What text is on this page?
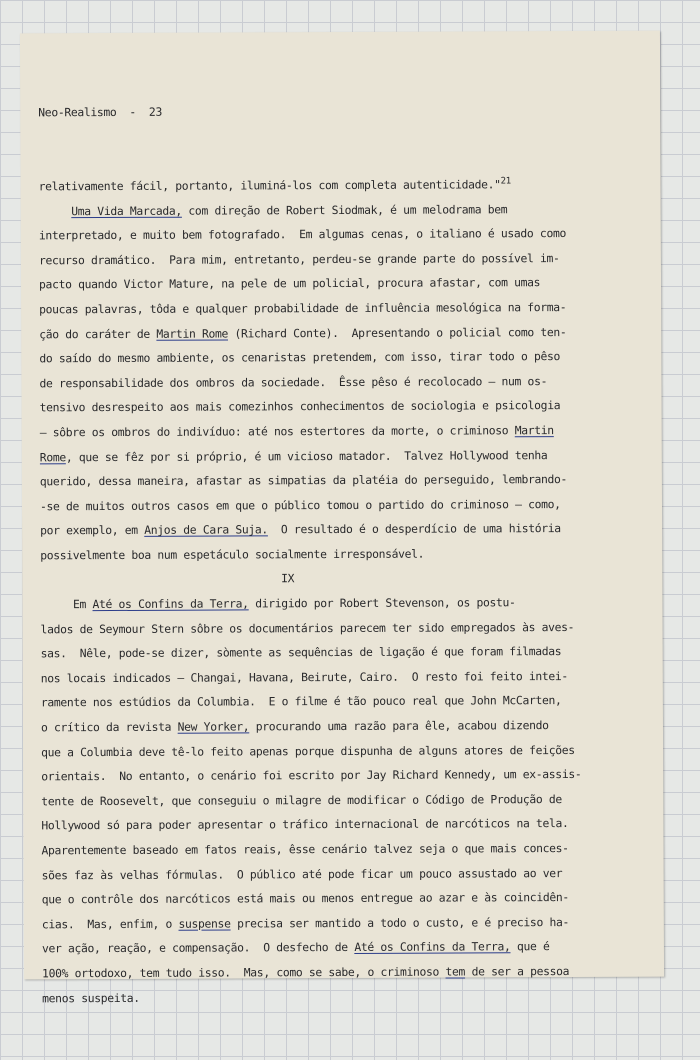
Neo-Realismo  -  23

relativamente fácil, portanto, iluminá-los com completa autenticidade."$^{21}$
Uma Vida Marcada, com direção de Robert Siodmak, é um melodrama bem
interpretado, e muito bem fotografado.  Em algumas cenas, o italiano é usado como
recurso dramático.  Para mim, entretanto, perdeu-se grande parte do possível im-
pacto quando Victor Mature, na pele de um policial, procura afastar, com umas
poucas palavras, tôda e qualquer probabilidade de influência mesológica na forma-
ção do caráter de Martin Rome (Richard Conte).  Apresentando o policial como ten-
do saído do mesmo ambiente, os cenaristas pretendem, com isso, tirar todo o pêso
de responsabilidade dos ombros da sociedade.  Êsse pêso é recolocado — num os-
tensivo desrespeito aos mais comezinhos conhecimentos de sociologia e psicologia
— sôbre os ombros do indivíduo: até nos estertores da morte, o criminoso Martin
Rome, que se fêz por si próprio, é um vicioso matador.  Talvez Hollywood tenha
querido, dessa maneira, afastar as simpatias da platéia do perseguido, lembrando-
-se de muitos outros casos em que o público tomou o partido do criminoso — como,
por exemplo, em Anjos de Cara Suja.  O resultado é o desperdício de uma história
possivelmente boa num espetáculo socialmente irresponsável.
IX
Em Até os Confins da Terra, dirigido por Robert Stevenson, os postu-
lados de Seymour Stern sôbre os documentários parecem ter sido empregados às aves-
sas.  Nêle, pode-se dizer, sòmente as sequências de ligação é que foram filmadas
nos locais indicados — Changai, Havana, Beirute, Cairo.  O resto foi feito intei-
ramente nos estúdios da Columbia.  E o filme é tão pouco real que John McCarten,
o crítico da revista New Yorker, procurando uma razão para êle, acabou dizendo
que a Columbia deve tê-lo feito apenas porque dispunha de alguns atores de feições
orientais.  No entanto, o cenário foi escrito por Jay Richard Kennedy, um ex-assis-
tente de Roosevelt, que conseguiu o milagre de modificar o Código de Produção de
Hollywood só para poder apresentar o tráfico internacional de narcóticos na tela.
Aparentemente baseado em fatos reais, êsse cenário talvez seja o que mais conces-
sões faz às velhas fórmulas.  O público até pode ficar um pouco assustado ao ver
que o contrôle dos narcóticos está mais ou menos entregue ao azar e às coincidên-
cias.  Mas, enfim, o suspense precisa ser mantido a todo o custo, e é preciso ha-
ver ação, reação, e compensação.  O desfecho de Até os Confins da Terra, que é
100% ortodoxo, tem tudo isso.  Mas, como se sabe, o criminoso tem de ser a pessoa
menos suspeita.
